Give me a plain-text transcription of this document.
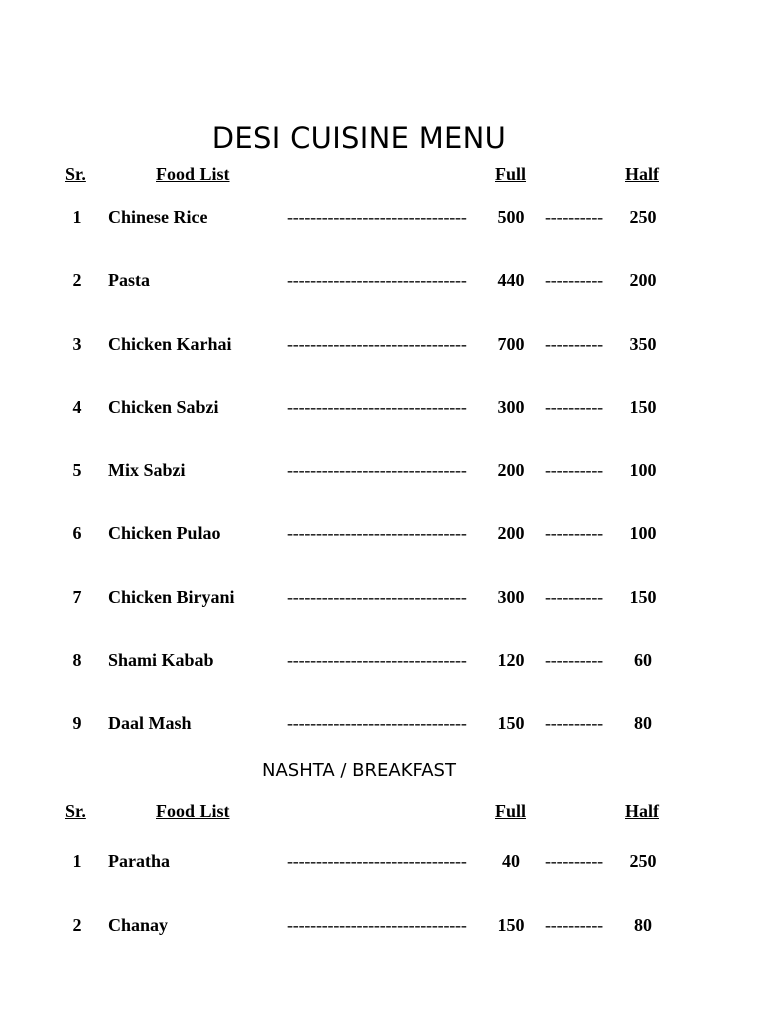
DESI CUISINE MENU
Sr.	Food List	Full	Half
1	Chinese Rice	-------------------------------	500	----------	250
2	Pasta	-------------------------------	440	----------	200
3	Chicken Karhai	-------------------------------	700	----------	350
4	Chicken Sabzi	-------------------------------	300	----------	150
5	Mix Sabzi	-------------------------------	200	----------	100
6	Chicken Pulao	-------------------------------	200	----------	100
7	Chicken Biryani	-------------------------------	300	----------	150
8	Shami Kabab	-------------------------------	120	----------	60
9	Daal Mash	-------------------------------	150	----------	80
NASHTA / BREAKFAST
Sr.	Food List	Full	Half
1	Paratha	-------------------------------	40	----------	250
2	Chanay	-------------------------------	150	----------	80
